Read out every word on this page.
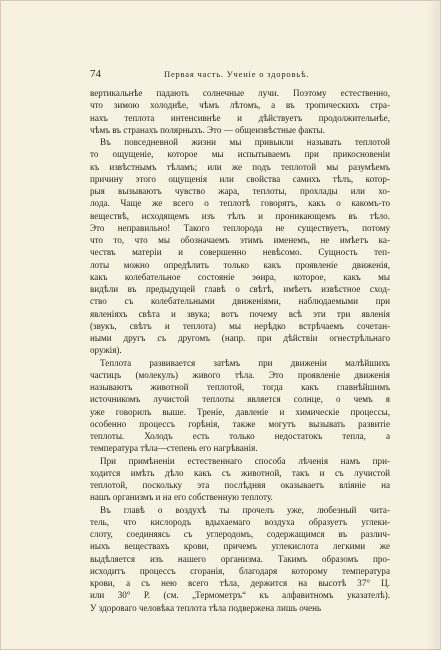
74	Первая часть. Ученіе о здоровьѣ.
вертикальнѣе падають солнечные лучи. Поэтому естественно,
что зимою холоднѣе, чѣмъ лѣтомъ, а въ тропическихъ стра-
нахъ теплота интенсивнѣе и дѣйствуетъ продолжительнѣе,
чѣмъ въ странахъ полярныхъ. Это — общеизвѣстные факты.
Въ повседневной жизни мы привыкли называть теплотой
то ощущеніе, которое мы испытываемъ при прикосновеніи
къ извѣстнымъ тѣламъ; или же подъ теплотой мы разумѣемъ
причину этого ощущенія или свойства самихъ тѣлъ, котор-
рыя вызываютъ чувство жара, теплоты, прохлады или хо-
лода. Чаще же всего о теплотѣ говорятъ, какъ о какомъ-то
веществѣ, исходящемъ изъ тѣлъ и проникающемъ въ тѣло.
Это неправильно! Такого теплорода не существуетъ, потому
что то, что мы обозначаемъ этимъ именемъ, не имѣетъ ка-
чествъ матеріи и совершенно невѣсомо. Сущность теп-
лоты можно опредѣлить только какъ проявленіе движенія,
какъ колебательное состояніе эѳира, которое, какъ мы
видѣли въ предыдущей главѣ о свѣтѣ, имѣетъ извѣстное сход-
ство съ колебательными движеніями, наблюдаемыми при
явленіяхъ свѣта и звука; вотъ почему всѣ эти три явленія
(звукъ, свѣтъ и теплота) мы нерѣдко встрѣчаемъ сочетан-
ными другъ съ другомъ (напр. при дѣйствіи огнестрѣльнаго
оружія).
Теплота развивается затѣмъ при движеніи малѣйшихъ
частицъ (молекулъ) живого тѣла. Это проявленіе движенія
называютъ животной теплотой, тогда какъ главнѣйшимъ
источникомъ лучистой теплоты является солнце, о чемъ я
уже говорилъ выше. Треніе, давленіе и химическіе процессы,
особенно процессъ горѣнія, также могутъ вызывать развитіе
теплоты. Холодъ есть только недостатокъ тепла, а
температура тѣла—степень его нагрѣванія.
При примѣненіи естественнаго способа лѣченія намъ при-
ходится имѣть дѣло какъ съ животной, такъ и съ лучистой
теплотой, поскольку эта послѣдняя оказываетъ вліяніе на
нашъ организмъ и на его собственную теплоту.
Въ главѣ о воздухѣ ты прочелъ уже, любезный чита-
тель, что кислородъ вдыхаемаго воздуха образуетъ углеки-
слоту, соединяясь съ углеродомъ, содержащимся въ различ-
ныхъ веществахъ крови, причемъ углекислота легкими же
выдѣляется изъ нашего организма. Такимъ образомъ про-
исходитъ процессъ сгоранія, благодаря которому температура
крови, а съ нею всего тѣла, держится на высотѣ 37° Ц.
или 30° Р. (см. „Термометръ“ къ алфавитномъ указателѣ).
У здороваго человѣка теплота тѣла подвержена лишь очень
